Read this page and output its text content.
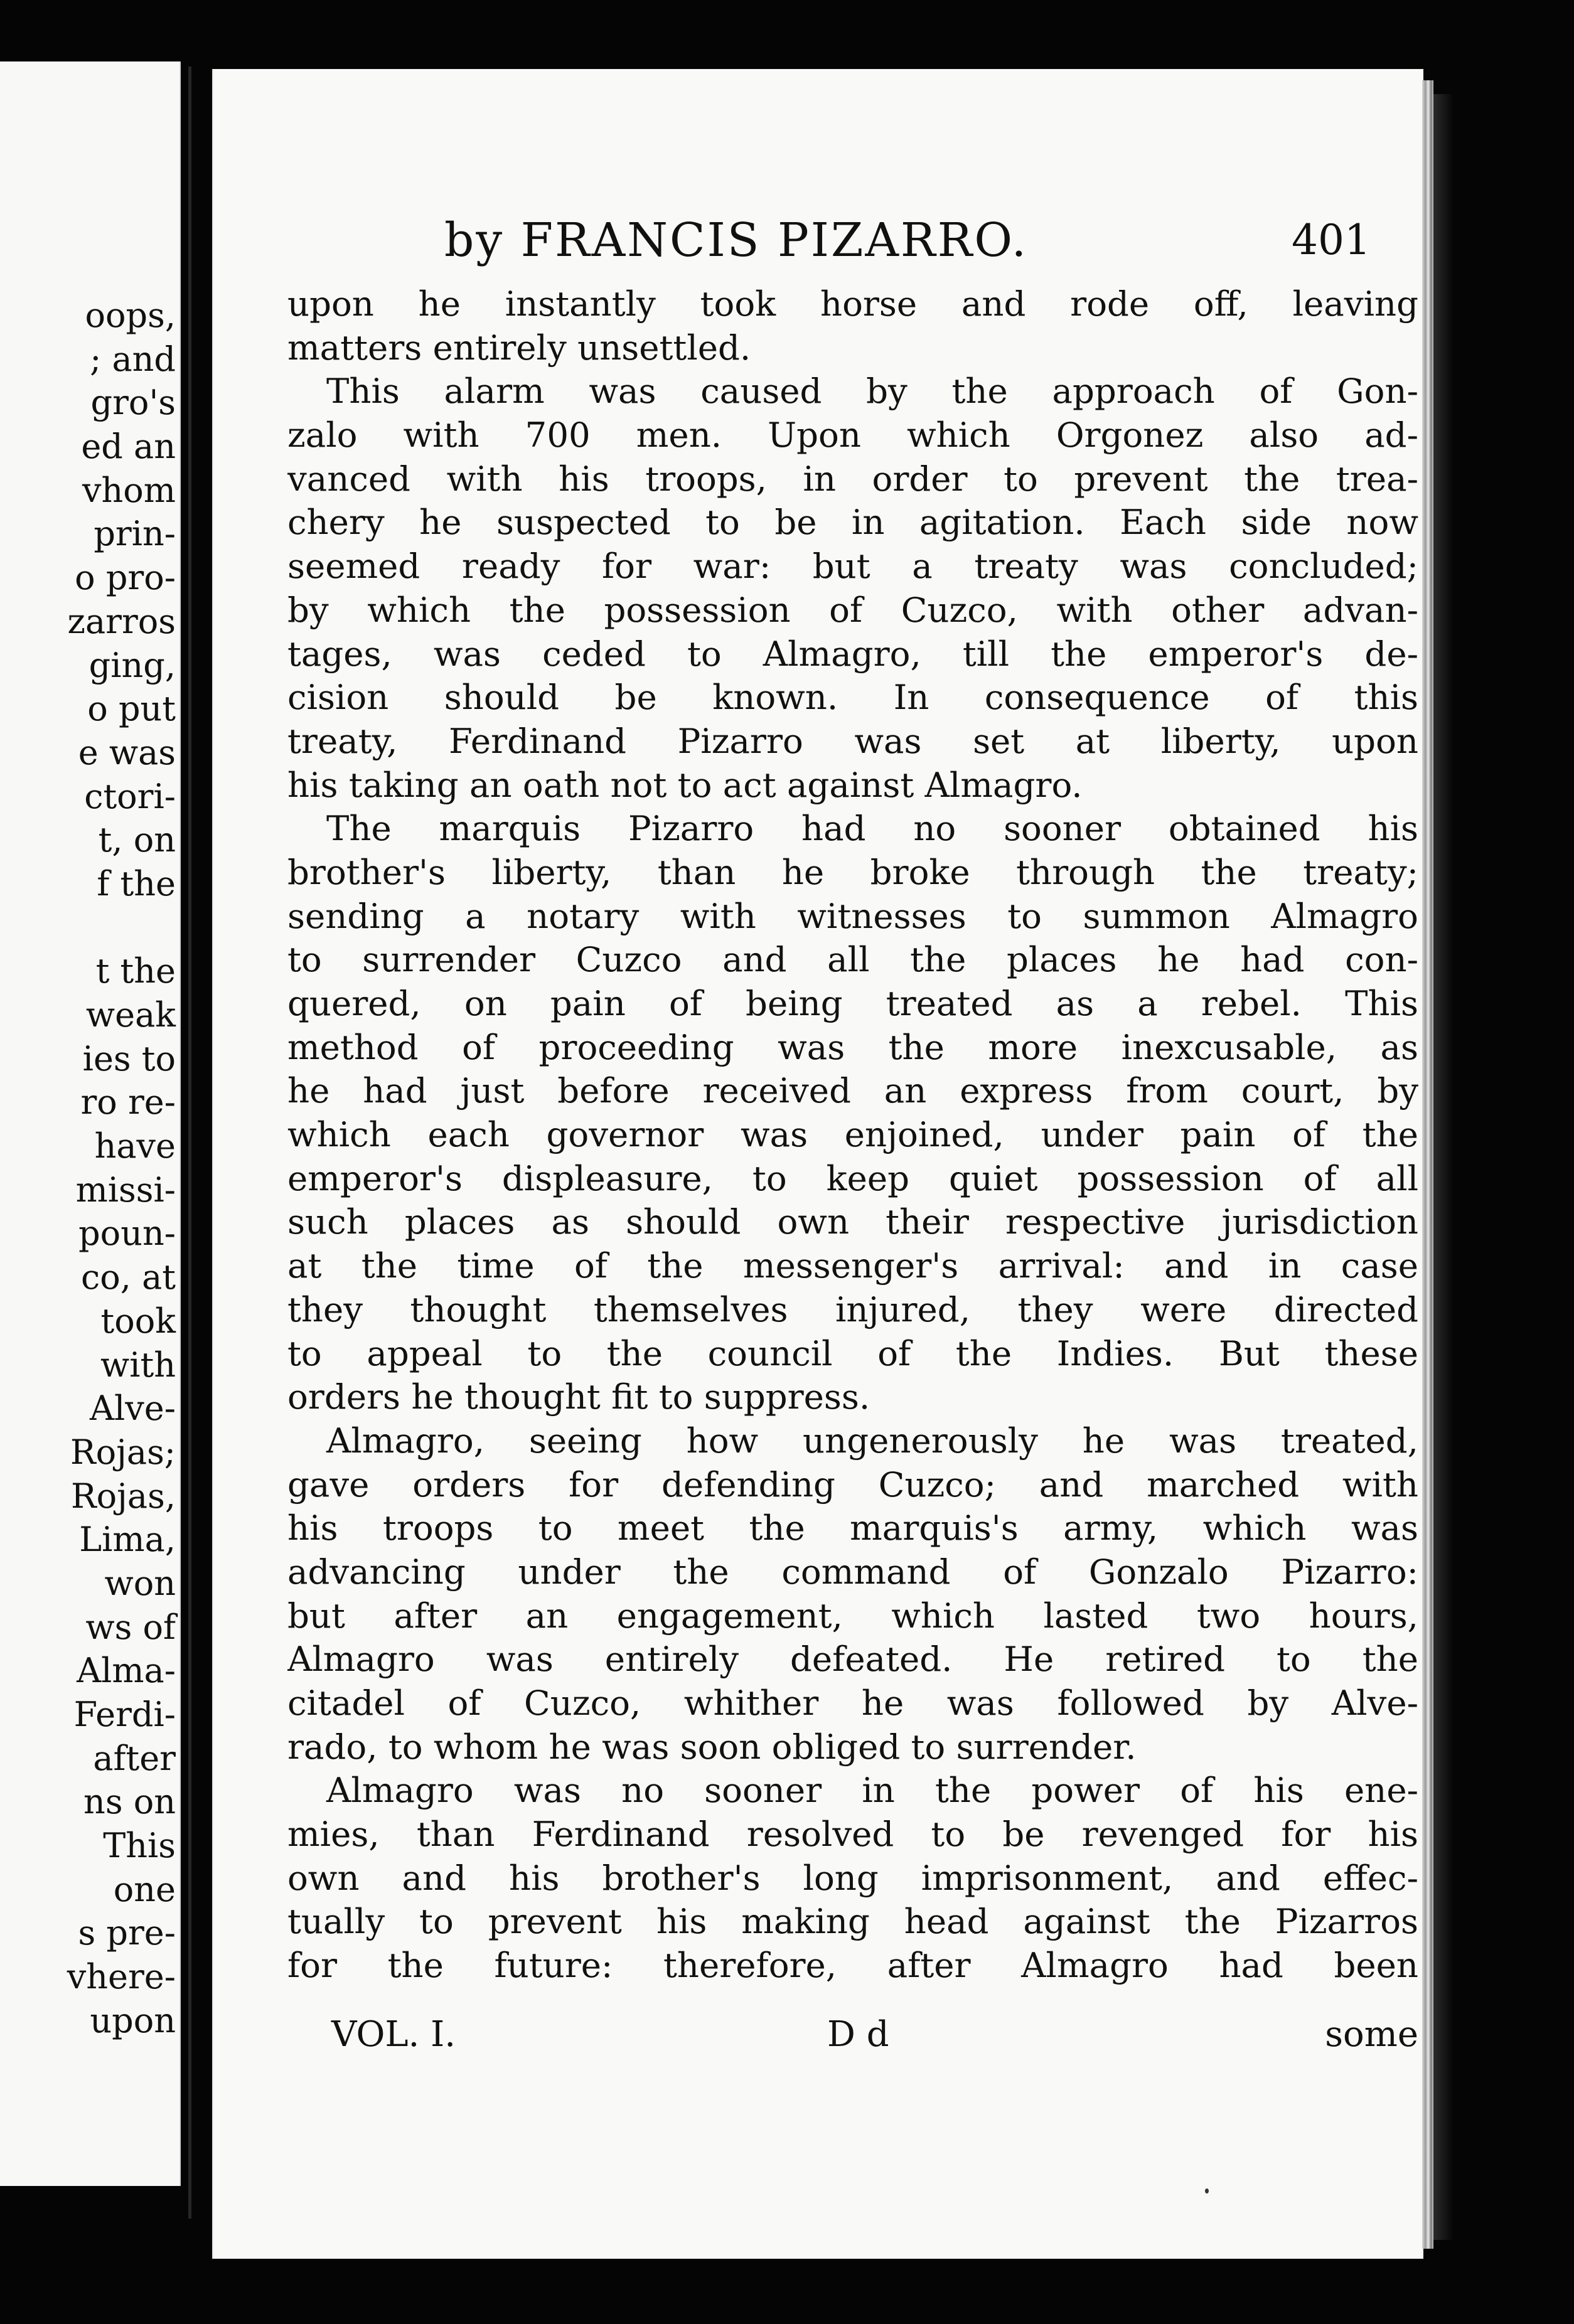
oops,
; and
gro's
ed an
vhom
prin-
o pro-
zarros
ging,
o put
e was
ctori-
t, on
f the
t the
weak
ies to
ro re-
have
missi-
poun-
co, at
took
with
Alve-
Rojas;
Rojas,
Lima,
won
ws of
Alma-
Ferdi-
after
ns on
This
one
s pre-
vhere-
upon
by FRANCIS PIZARRO.	401
upon he instantly took horse and rode off, leaving
matters entirely unsettled.
This alarm was caused by the approach of Gon-
zalo with 700 men. Upon which Orgonez also ad-
vanced with his troops, in order to prevent the trea-
chery he suspected to be in agitation. Each side now
seemed ready for war: but a treaty was concluded;
by which the possession of Cuzco, with other advan-
tages, was ceded to Almagro, till the emperor's de-
cision should be known. In consequence of this
treaty, Ferdinand Pizarro was set at liberty, upon
his taking an oath not to act against Almagro.
The marquis Pizarro had no sooner obtained his
brother's liberty, than he broke through the treaty;
sending a notary with witnesses to summon Almagro
to surrender Cuzco and all the places he had con-
quered, on pain of being treated as a rebel. This
method of proceeding was the more inexcusable, as
he had just before received an express from court, by
which each governor was enjoined, under pain of the
emperor's displeasure, to keep quiet possession of all
such places as should own their respective jurisdiction
at the time of the messenger's arrival: and in case
they thought themselves injured, they were directed
to appeal to the council of the Indies. But these
orders he thought fit to suppress.
Almagro, seeing how ungenerously he was treated,
gave orders for defending Cuzco; and marched with
his troops to meet the marquis's army, which was
advancing under the command of Gonzalo Pizarro:
but after an engagement, which lasted two hours,
Almagro was entirely defeated. He retired to the
citadel of Cuzco, whither he was followed by Alve-
rado, to whom he was soon obliged to surrender.
Almagro was no sooner in the power of his ene-
mies, than Ferdinand resolved to be revenged for his
own and his brother's long imprisonment, and effec-
tually to prevent his making head against the Pizarros
for the future: therefore, after Almagro had been
VOL. I.	D d	some
